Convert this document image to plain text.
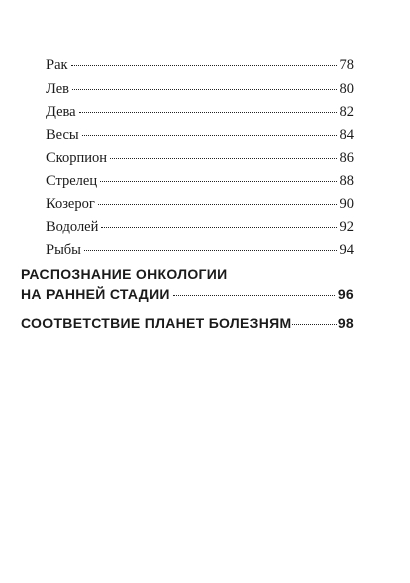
Рак	78
Лев	80
Дева	82
Весы	84
Скорпион	86
Стрелец	88
Козерог	90
Водолей	92
Рыбы	94
РАСПОЗНАНИЕ ОНКОЛОГИИ
НА РАННЕЙ СТАДИИ	96
СООТВЕТСТВИЕ ПЛАНЕТ БОЛЕЗНЯМ	98
